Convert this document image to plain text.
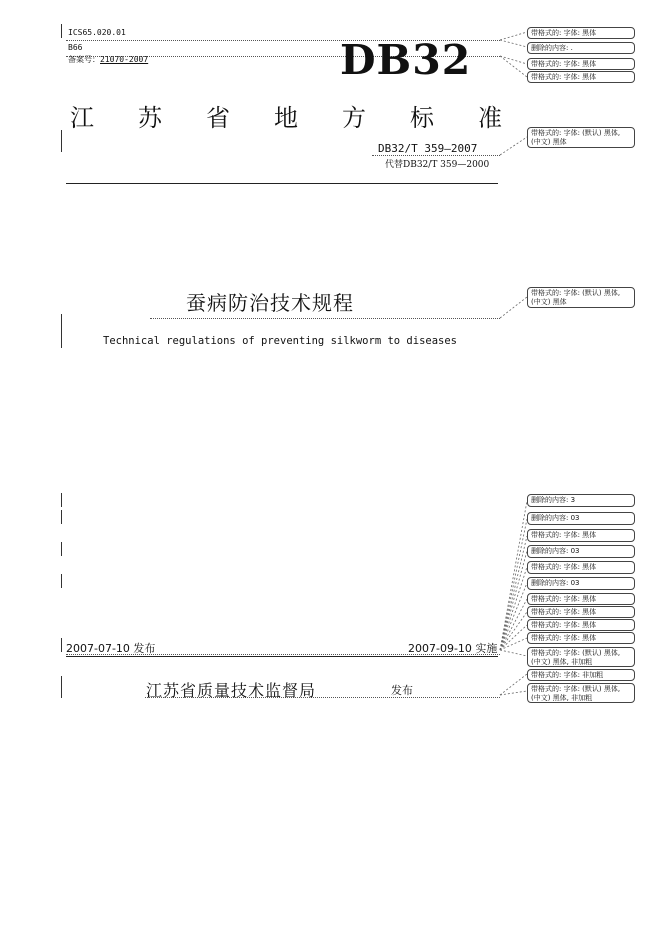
ICS65.020.01
B66
备案号：21070-2007	DB32
江 苏 省 地 方 标 准
DB32/T 359—2007
代替DB32/T 359—2000
蚕病防治技术规程
Technical regulations of preventing silkworm to diseases
2007-07-10 发布	2007-09-10 实施
江苏省质量技术监督局	发布
带格式的: 字体: 黑体
删除的内容: .
带格式的: 字体: 黑体
带格式的: 字体: 黑体
带格式的: 字体: (默认) 黑体, (中文) 黑体
带格式的: 字体: (默认) 黑体, (中文) 黑体
删除的内容: 3
删除的内容: 03
带格式的: 字体: 黑体
删除的内容: 03
带格式的: 字体: 黑体
删除的内容: 03
带格式的: 字体: 黑体
带格式的: 字体: 黑体
带格式的: 字体: 黑体
带格式的: 字体: 黑体
带格式的: 字体: (默认) 黑体, (中文) 黑体, 非加粗
带格式的: 字体: 非加粗
带格式的: 字体: (默认) 黑体, (中文) 黑体, 非加粗
